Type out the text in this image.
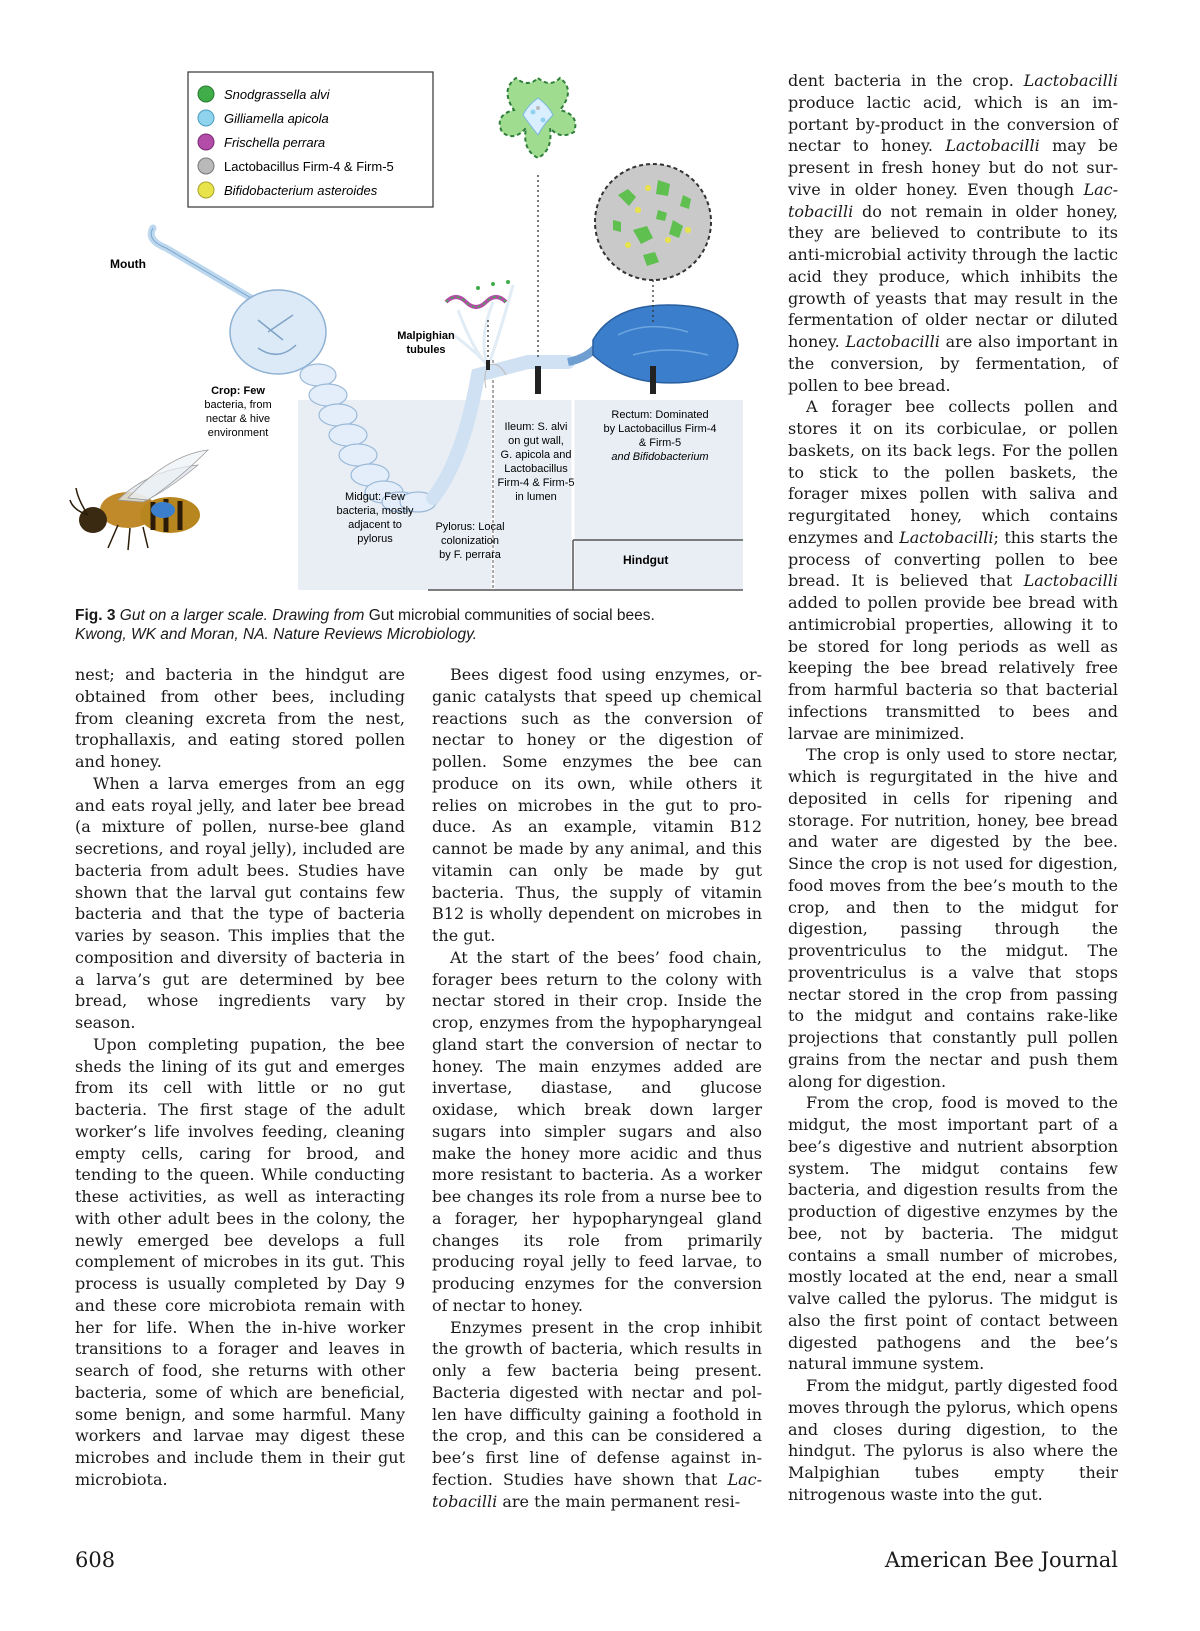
Snodgrassella alvi
Gilliamella apicola
Frischella perrara
Lactobacillus Firm-4 & Firm-5
Bifidobacterium asteroides
Mouth
Crop: Few
bacteria, from
nectar & hive
environment
Malpighian
tubules
Ileum: S. alvi
on gut wall,
G. apicola and
Lactobacillus
Firm-4 & Firm-5
in lumen
Rectum: Dominated
by Lactobacillus Firm-4
& Firm-5
and Bifidobacterium
Midgut: Few
bacteria, mostly
adjacent to
pylorus
Pylorus: Local
colonization
by F. perrara	Hindgut
Fig. 3 Gut on a larger scale. Drawing from Gut microbial communities of social bees.
Kwong, WK and Moran, NA. Nature Reviews Microbiology.

nest; and bacteria in the hindgut are obtained from other bees, including from cleaning excreta from the nest, trophallaxis, and eating stored pollen and honey.

When a larva emerges from an egg and eats royal jelly, and later bee bread (a mixture of pollen, nurse-bee gland secretions, and royal jelly), included are bacteria from adult bees. Studies have shown that the larval gut contains few bacteria and that the type of bacteria varies by season. This implies that the composition and diversity of bacteria in a larva’s gut are determined by bee bread, whose ingredients vary by season.

Upon completing pupation, the bee sheds the lining of its gut and emerges from its cell with little or no gut bacteria. The first stage of the adult worker’s life involves feeding, cleaning empty cells, caring for brood, and tending to the queen. While conducting these activities, as well as interacting with other adult bees in the colony, the newly emerged bee develops a full complement of microbes in its gut. This process is usually completed by Day 9 and these core microbiota remain with her for life. When the in-hive worker transitions to a forager and leaves in search of food, she returns with other bacteria, some of which are beneficial, some benign, and some harmful. Many workers and larvae may digest these microbes and include them in their gut microbiota.

Bees digest food using enzymes, organic catalysts that speed up chemical reactions such as the conversion of nectar to honey or the digestion of pollen. Some enzymes the bee can produce on its own, while others it relies on microbes in the gut to produce. As an example, vitamin B12 cannot be made by any animal, and this vitamin can only be made by gut bacteria. Thus, the supply of vitamin B12 is wholly dependent on microbes in the gut.

At the start of the bees’ food chain, forager bees return to the colony with nectar stored in their crop. Inside the crop, enzymes from the hypopharyngeal gland start the conversion of nectar to honey. The main enzymes added are invertase, diastase, and glucose oxidase, which break down larger sugars into simpler sugars and also make the honey more acidic and thus more resistant to bacteria. As a worker bee changes its role from a nurse bee to a forager, her hypopharyngeal gland changes its role from primarily producing royal jelly to feed larvae, to producing enzymes for the conversion of nectar to honey.

Enzymes present in the crop inhibit the growth of bacteria, which results in only a few bacteria being present. Bacteria digested with nectar and pollen have difficulty gaining a foothold in the crop, and this can be considered a bee’s first line of defense against infection. Studies have shown that Lactobacilli are the main permanent resi-

dent bacteria in the crop. Lactobacilli produce lactic acid, which is an important by-product in the conversion of nectar to honey. Lactobacilli may be present in fresh honey but do not survive in older honey. Even though Lactobacilli do not remain in older honey, they are believed to contribute to its anti-microbial activity through the lactic acid they produce, which inhibits the growth of yeasts that may result in the fermentation of older nectar or diluted honey. Lactobacilli are also important in the conversion, by fermentation, of pollen to bee bread.

A forager bee collects pollen and stores it on its corbiculae, or pollen baskets, on its back legs. For the pollen to stick to the pollen baskets, the forager mixes pollen with saliva and regurgitated honey, which contains enzymes and Lactobacilli; this starts the process of converting pollen to bee bread. It is believed that Lactobacilli added to pollen provide bee bread with antimicrobial properties, allowing it to be stored for long periods as well as keeping the bee bread relatively free from harmful bacteria so that bacterial infections transmitted to bees and larvae are minimized.

The crop is only used to store nectar, which is regurgitated in the hive and deposited in cells for ripening and storage. For nutrition, honey, bee bread and water are digested by the bee. Since the crop is not used for digestion, food moves from the bee’s mouth to the crop, and then to the midgut for digestion, passing through the proventriculus to the midgut. The proventriculus is a valve that stops nectar stored in the crop from passing to the midgut and contains rake-like projections that constantly pull pollen grains from the nectar and push them along for digestion.

From the crop, food is moved to the midgut, the most important part of a bee’s digestive and nutrient absorption system. The midgut contains few bacteria, and digestion results from the production of digestive enzymes by the bee, not by bacteria. The midgut contains a small number of microbes, mostly located at the end, near a small valve called the pylorus. The midgut is also the first point of contact between digested pathogens and the bee’s natural immune system.

From the midgut, partly digested food moves through the pylorus, which opens and closes during digestion, to the hindgut. The pylorus is also where the Malpighian tubes empty their nitrogenous waste into the gut.

608	American Bee Journal
